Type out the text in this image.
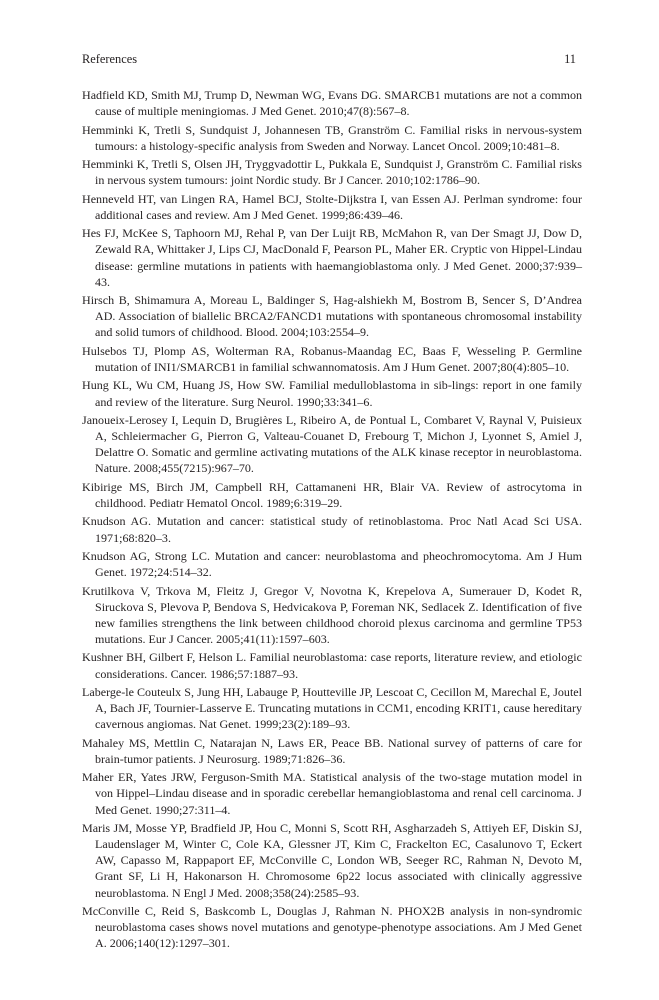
References	11
Hadfield KD, Smith MJ, Trump D, Newman WG, Evans DG. SMARCB1 mutations are not a common cause of multiple meningiomas. J Med Genet. 2010;47(8):567–8.
Hemminki K, Tretli S, Sundquist J, Johannesen TB, Granström C. Familial risks in nervous-system tumours: a histology-specific analysis from Sweden and Norway. Lancet Oncol. 2009;10:481–8.
Hemminki K, Tretli S, Olsen JH, Tryggvadottir L, Pukkala E, Sundquist J, Granström C. Familial risks in nervous system tumours: joint Nordic study. Br J Cancer. 2010;102:1786–90.
Henneveld HT, van Lingen RA, Hamel BCJ, Stolte-Dijkstra I, van Essen AJ. Perlman syndrome: four additional cases and review. Am J Med Genet. 1999;86:439–46.
Hes FJ, McKee S, Taphoorn MJ, Rehal P, van Der Luijt RB, McMahon R, van Der Smagt JJ, Dow D, Zewald RA, Whittaker J, Lips CJ, MacDonald F, Pearson PL, Maher ER. Cryptic von Hippel-Lindau disease: germline mutations in patients with haemangioblastoma only. J Med Genet. 2000;37:939–43.
Hirsch B, Shimamura A, Moreau L, Baldinger S, Hag-alshiekh M, Bostrom B, Sencer S, D’Andrea AD. Association of biallelic BRCA2/FANCD1 mutations with spontaneous chromosomal instability and solid tumors of childhood. Blood. 2004;103:2554–9.
Hulsebos TJ, Plomp AS, Wolterman RA, Robanus-Maandag EC, Baas F, Wesseling P. Germline mutation of INI1/SMARCB1 in familial schwannomatosis. Am J Hum Genet. 2007;80(4):805–10.
Hung KL, Wu CM, Huang JS, How SW. Familial medulloblastoma in sib-lings: report in one family and review of the literature. Surg Neurol. 1990;33:341–6.
Janoueix-Lerosey I, Lequin D, Brugières L, Ribeiro A, de Pontual L, Combaret V, Raynal V, Puisieux A, Schleiermacher G, Pierron G, Valteau-Couanet D, Frebourg T, Michon J, Lyonnet S, Amiel J, Delattre O. Somatic and germline activating mutations of the ALK kinase receptor in neuroblastoma. Nature. 2008;455(7215):967–70.
Kibirige MS, Birch JM, Campbell RH, Cattamaneni HR, Blair VA. Review of astrocytoma in childhood. Pediatr Hematol Oncol. 1989;6:319–29.
Knudson AG. Mutation and cancer: statistical study of retinoblastoma. Proc Natl Acad Sci USA. 1971;68:820–3.
Knudson AG, Strong LC. Mutation and cancer: neuroblastoma and pheochromocytoma. Am J Hum Genet. 1972;24:514–32.
Krutilkova V, Trkova M, Fleitz J, Gregor V, Novotna K, Krepelova A, Sumerauer D, Kodet R, Siruckova S, Plevova P, Bendova S, Hedvicakova P, Foreman NK, Sedlacek Z. Identification of five new families strengthens the link between childhood choroid plexus carcinoma and germline TP53 mutations. Eur J Cancer. 2005;41(11):1597–603.
Kushner BH, Gilbert F, Helson L. Familial neuroblastoma: case reports, literature review, and etiologic considerations. Cancer. 1986;57:1887–93.
Laberge-le Couteulx S, Jung HH, Labauge P, Houtteville JP, Lescoat C, Cecillon M, Marechal E, Joutel A, Bach JF, Tournier-Lasserve E. Truncating mutations in CCM1, encoding KRIT1, cause hereditary cavernous angiomas. Nat Genet. 1999;23(2):189–93.
Mahaley MS, Mettlin C, Natarajan N, Laws ER, Peace BB. National survey of patterns of care for brain-tumor patients. J Neurosurg. 1989;71:826–36.
Maher ER, Yates JRW, Ferguson-Smith MA. Statistical analysis of the two-stage mutation model in von Hippel–Lindau disease and in sporadic cerebellar hemangioblastoma and renal cell carcinoma. J Med Genet. 1990;27:311–4.
Maris JM, Mosse YP, Bradfield JP, Hou C, Monni S, Scott RH, Asgharzadeh S, Attiyeh EF, Diskin SJ, Laudenslager M, Winter C, Cole KA, Glessner JT, Kim C, Frackelton EC, Casalunovo T, Eckert AW, Capasso M, Rappaport EF, McConville C, London WB, Seeger RC, Rahman N, Devoto M, Grant SF, Li H, Hakonarson H. Chromosome 6p22 locus associated with clinically aggressive neuroblastoma. N Engl J Med. 2008;358(24):2585–93.
McConville C, Reid S, Baskcomb L, Douglas J, Rahman N. PHOX2B analysis in non-syndromic neuroblastoma cases shows novel mutations and genotype-phenotype associations. Am J Med Genet A. 2006;140(12):1297–301.
